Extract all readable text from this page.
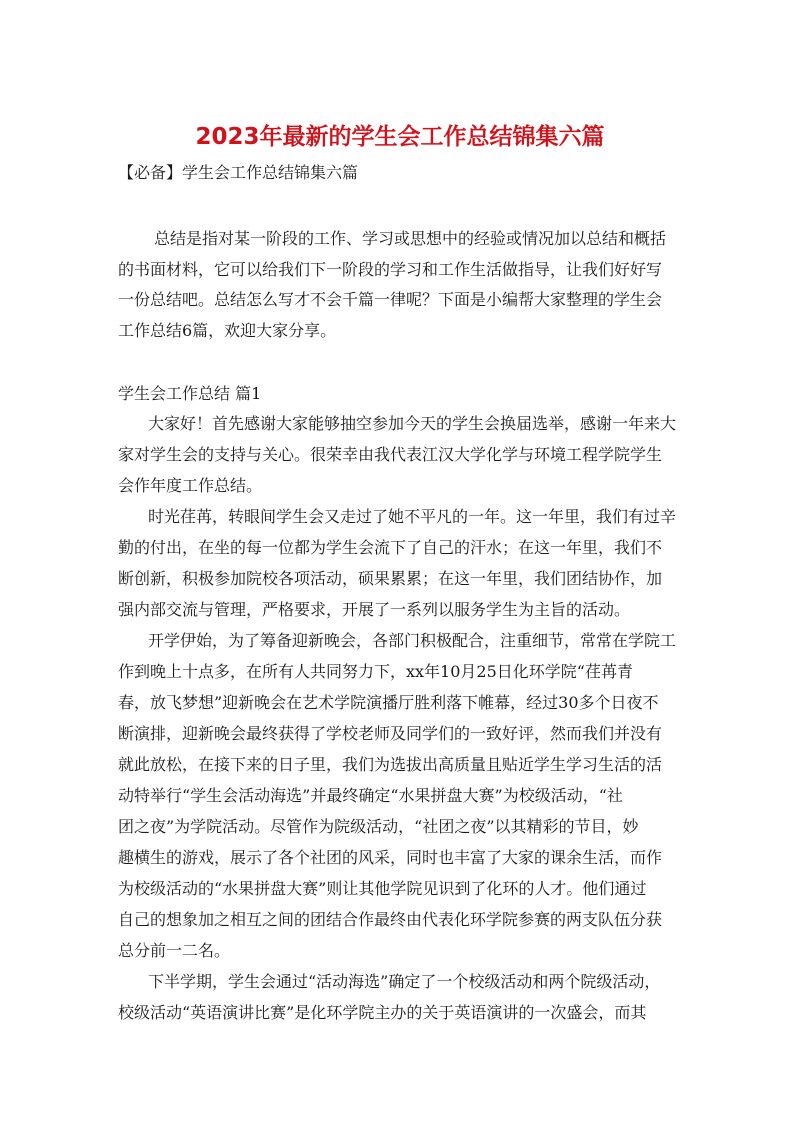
2023年最新的学生会工作总结锦集六篇

【必备】学生会工作总结锦集六篇

总结是指对某一阶段的工作、学习或思想中的经验或情况加以总结和概括
的书面材料，它可以给我们下一阶段的学习和工作生活做指导，让我们好好写
一份总结吧。总结怎么写才不会千篇一律呢？下面是小编帮大家整理的学生会
工作总结6篇，欢迎大家分享。

学生会工作总结 篇1

大家好！首先感谢大家能够抽空参加今天的学生会换届选举，感谢一年来大
家对学生会的支持与关心。很荣幸由我代表江汉大学化学与环境工程学院学生
会作年度工作总结。
时光荏苒，转眼间学生会又走过了她不平凡的一年。这一年里，我们有过辛
勤的付出，在坐的每一位都为学生会流下了自己的汗水；在这一年里，我们不
断创新，积极参加院校各项活动，硕果累累；在这一年里，我们团结协作，加
强内部交流与管理，严格要求，开展了一系列以服务学生为主旨的活动。
开学伊始，为了筹备迎新晚会，各部门积极配合，注重细节，常常在学院工
作到晚上十点多，在所有人共同努力下，xx年10月25日化环学院“荏苒青
春，放飞梦想”迎新晚会在艺术学院演播厅胜利落下帷幕，经过30多个日夜不
断演排，迎新晚会最终获得了学校老师及同学们的一致好评，然而我们并没有
就此放松，在接下来的日子里，我们为选拔出高质量且贴近学生学习生活的活
动特举行“学生会活动海选”并最终确定“水果拼盘大赛”为校级活动，“社
团之夜”为学院活动。尽管作为院级活动，“社团之夜”以其精彩的节目，妙
趣横生的游戏，展示了各个社团的风采，同时也丰富了大家的课余生活，而作
为校级活动的“水果拼盘大赛”则让其他学院见识到了化环的人才。他们通过
自己的想象加之相互之间的团结合作最终由代表化环学院参赛的两支队伍分获
总分前一二名。
下半学期，学生会通过“活动海选”确定了一个校级活动和两个院级活动，
校级活动“英语演讲比赛”是化环学院主办的关于英语演讲的一次盛会，而其
